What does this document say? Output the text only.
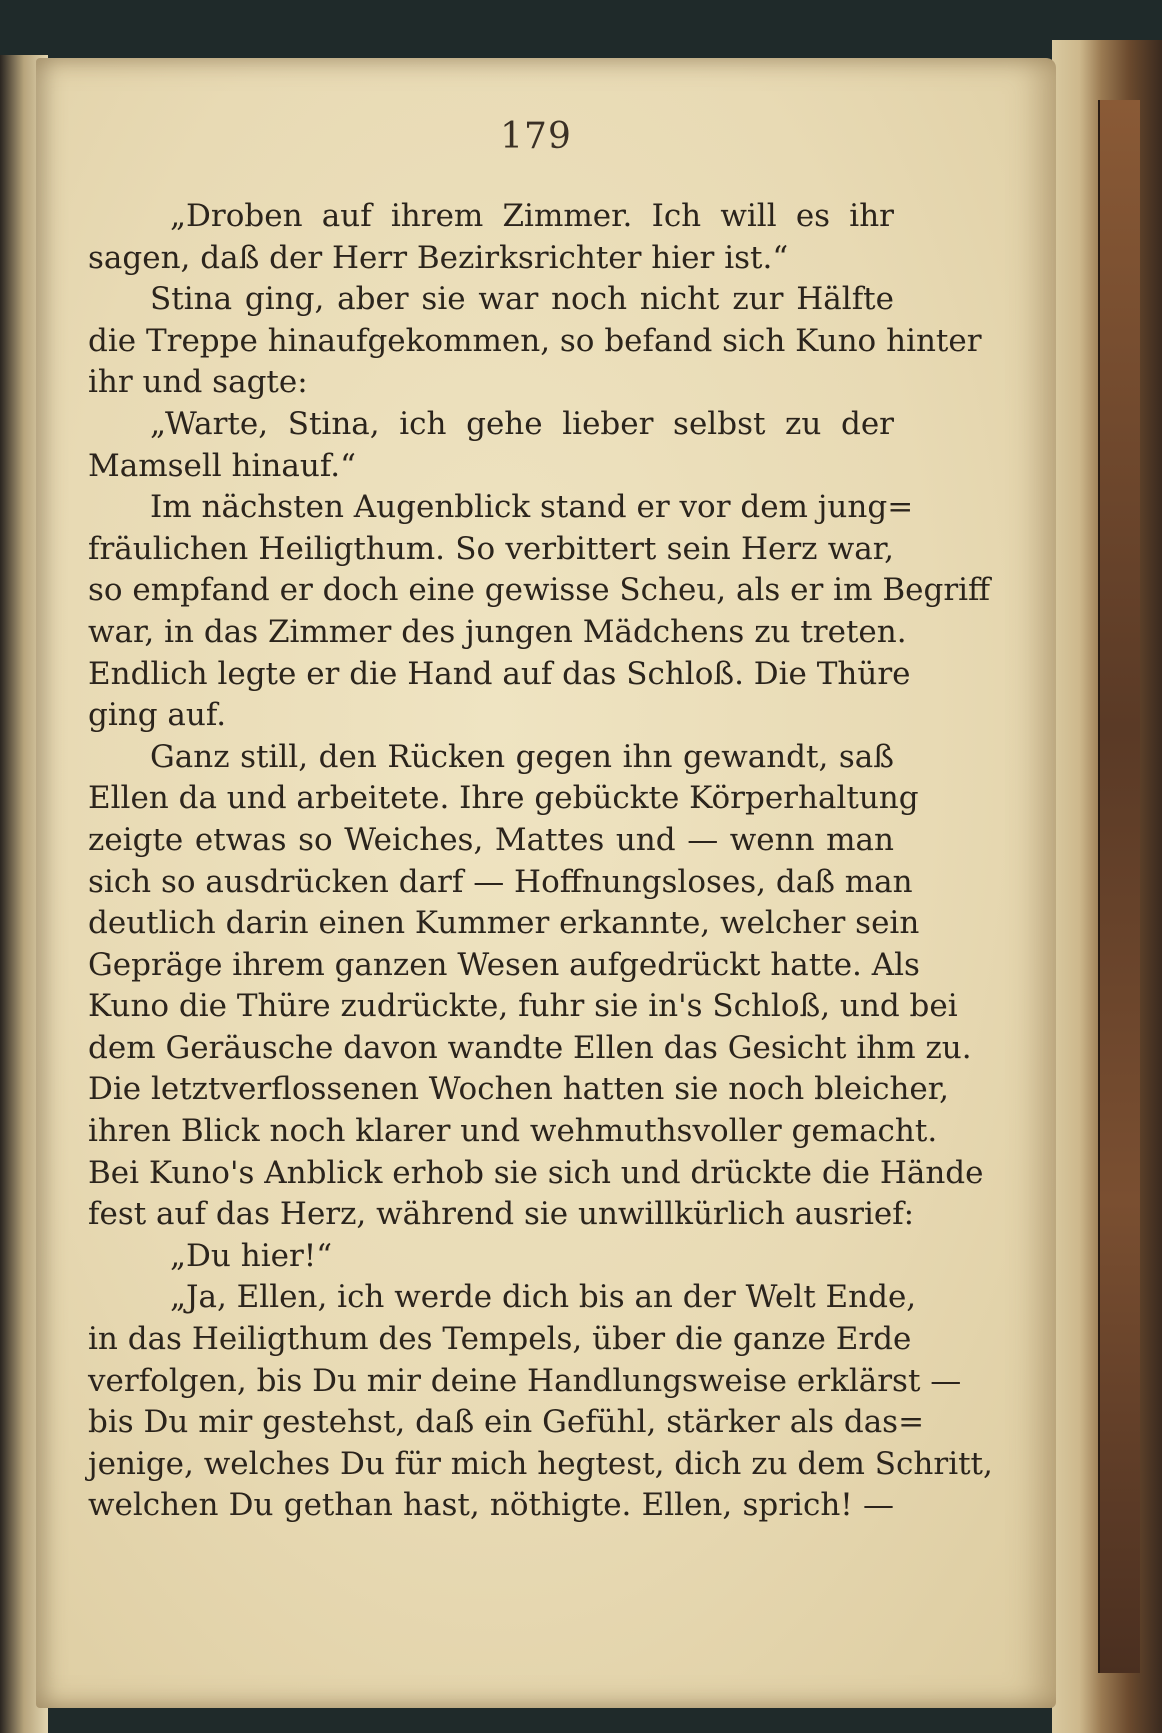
179
„Droben auf ihrem Zimmer. Ich will es ihr
sagen, daß der Herr Bezirksrichter hier ist.“
Stina ging, aber sie war noch nicht zur Hälfte
die Treppe hinaufgekommen, so befand sich Kuno hinter
ihr und sagte:
„Warte, Stina, ich gehe lieber selbst zu der
Mamsell hinauf.“
Im nächsten Augenblick stand er vor dem jung=
fräulichen Heiligthum. So verbittert sein Herz war,
so empfand er doch eine gewisse Scheu, als er im Begriff
war, in das Zimmer des jungen Mädchens zu treten.
Endlich legte er die Hand auf das Schloß. Die Thüre
ging auf.
Ganz still, den Rücken gegen ihn gewandt, saß
Ellen da und arbeitete. Ihre gebückte Körperhaltung
zeigte etwas so Weiches, Mattes und — wenn man
sich so ausdrücken darf — Hoffnungsloses, daß man
deutlich darin einen Kummer erkannte, welcher sein
Gepräge ihrem ganzen Wesen aufgedrückt hatte. Als
Kuno die Thüre zudrückte, fuhr sie in's Schloß, und bei
dem Geräusche davon wandte Ellen das Gesicht ihm zu.
Die letztverflossenen Wochen hatten sie noch bleicher,
ihren Blick noch klarer und wehmuthsvoller gemacht.
Bei Kuno's Anblick erhob sie sich und drückte die Hände
fest auf das Herz, während sie unwillkürlich ausrief:
„Du hier!“
„Ja, Ellen, ich werde dich bis an der Welt Ende,
in das Heiligthum des Tempels, über die ganze Erde
verfolgen, bis Du mir deine Handlungsweise erklärst —
bis Du mir gestehst, daß ein Gefühl, stärker als das=
jenige, welches Du für mich hegtest, dich zu dem Schritt,
welchen Du gethan hast, nöthigte. Ellen, sprich! —
